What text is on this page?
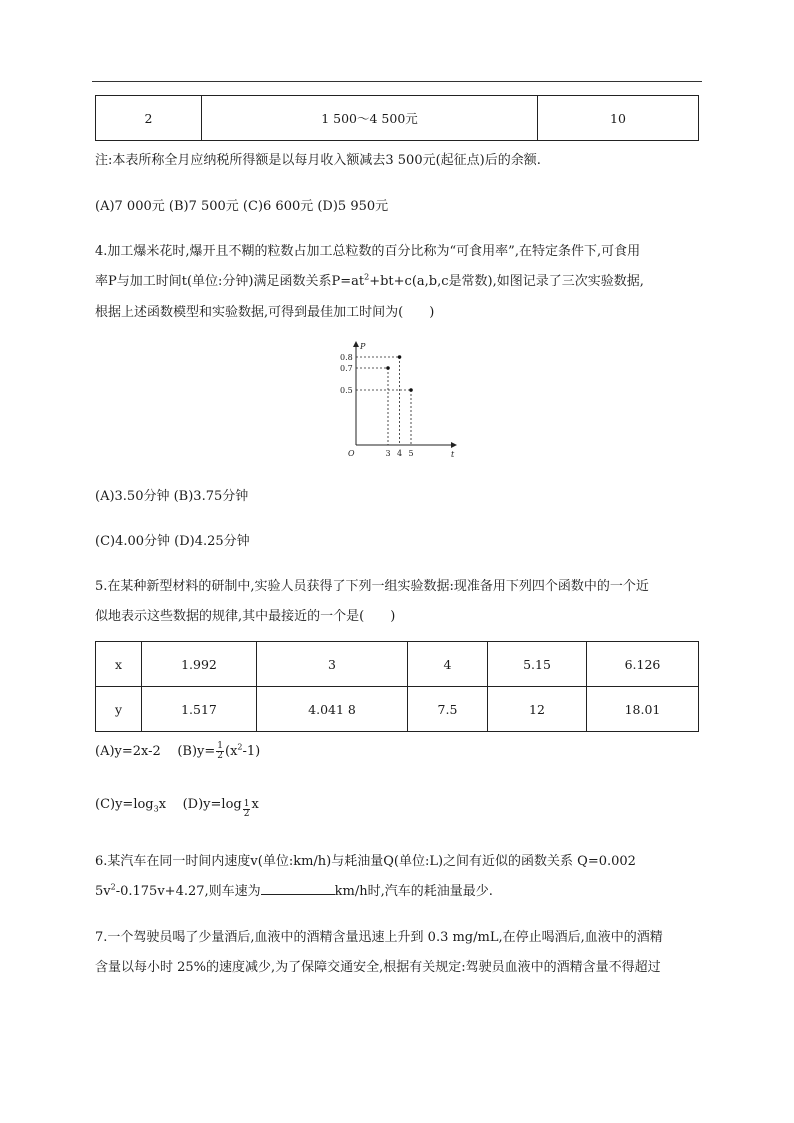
2	1 500～4 500元	10
注:本表所称全月应纳税所得额是以每月收入额减去3 500元(起征点)后的余额.
(A)7 000元 (B)7 500元 (C)6 600元 (D)5 950元
4.加工爆米花时,爆开且不糊的粒数占加工总粒数的百分比称为“可食用率”,在特定条件下,可食用
率P与加工时间t(单位:分钟)满足函数关系$P=at^2+bt+c(a,b,c$是常数),如图记录了三次实验数据,
根据上述函数模型和实验数据,可得到最佳加工时间为(　　)
P
t
O	3 4 5
0.8
0.7
0.5
(A)3.50分钟 (B)3.75分钟
(C)4.00分钟 (D)4.25分钟
5.在某种新型材料的研制中,实验人员获得了下列一组实验数据:现准备用下列四个函数中的一个近
似地表示这些数据的规律,其中最接近的一个是(　　)
x	1.992	3	4	5.15	6.126
y	1.517	4.041 8	7.5	12	18.01
(A)y=2x-2 $(B)y= \frac{1}{2} (x^2-1)$
$(C)y=\log_3x$ $(D)y=\log \frac{1}{2}$ x
6.某汽车在同一时间内速度v(单位:km/h)与耗油量Q(单位:L)之间有近似的函数关系 Q=0.002
$5v^2-0.175v+4.27$,则车速为	km/h时,汽车的耗油量最少.
7.一个驾驶员喝了少量酒后,血液中的酒精含量迅速上升到 0.3 mg/mL,在停止喝酒后,血液中的酒精
含量以每小时 25%的速度减少,为了保障交通安全,根据有关规定:驾驶员血液中的酒精含量不得超过
